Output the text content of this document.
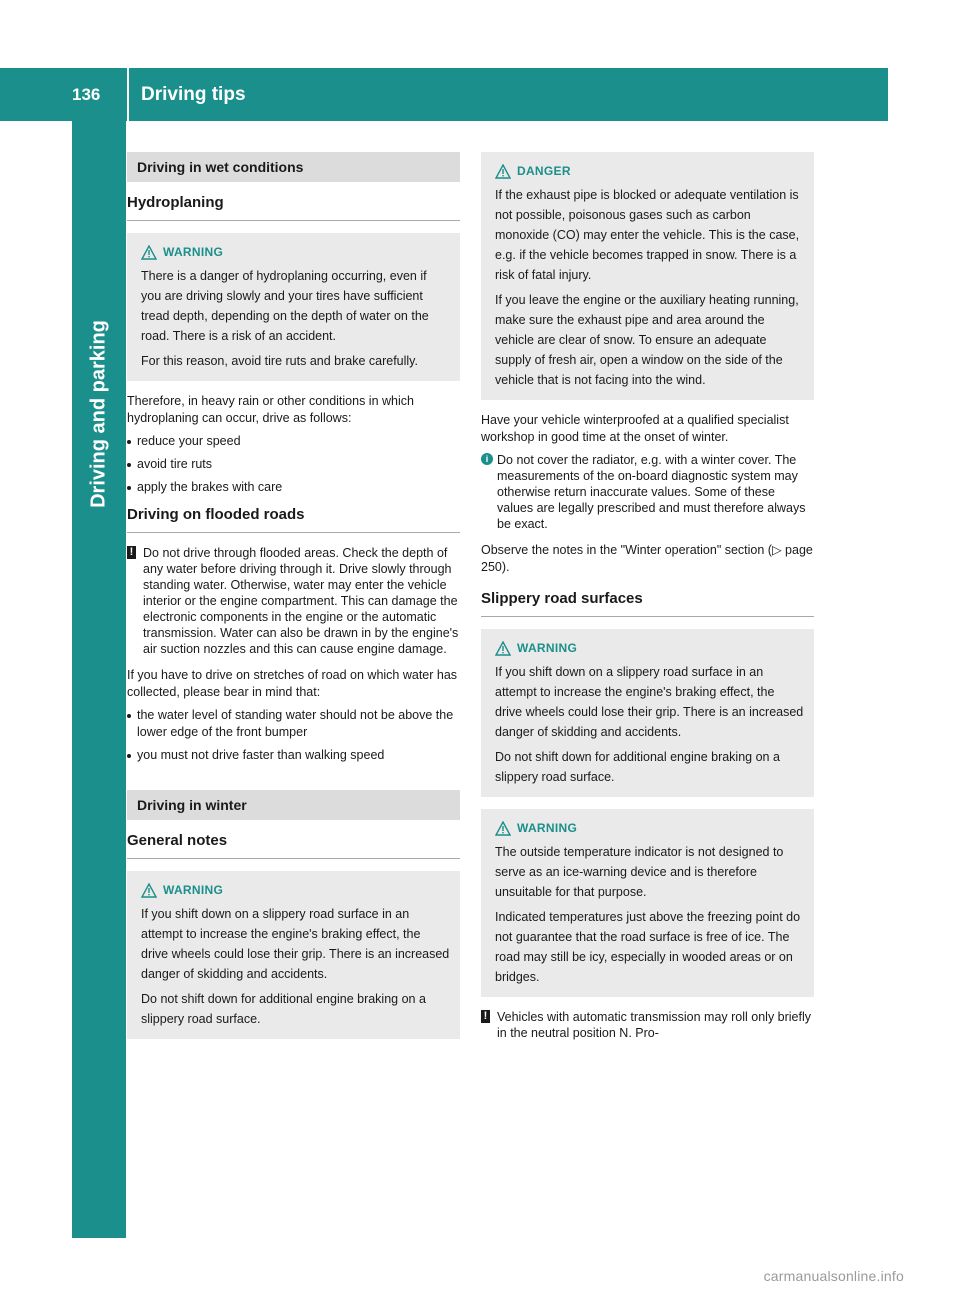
136	Driving tips
Driving and parking
Driving in wet conditions
Hydroplaning
WARNING

There is a danger of hydroplaning occurring, even if you are driving slowly and your tires have sufficient tread depth, depending on the depth of water on the road. There is a risk of an accident.

For this reason, avoid tire ruts and brake carefully.

Therefore, in heavy rain or other conditions in which hydroplaning can occur, drive as follows:

reduce your speed
avoid tire ruts
apply the brakes with care
Driving on flooded roads
! Do not drive through flooded areas. Check the depth of any water before driving through it. Drive slowly through standing water. Otherwise, water may enter the vehicle interior or the engine compartment. This can damage the electronic components in the engine or the automatic transmission. Water can also be drawn in by the engine's air suction nozzles and this can cause engine damage.

If you have to drive on stretches of road on which water has collected, please bear in mind that:

the water level of standing water should not be above the lower edge of the front bumper
you must not drive faster than walking speed
Driving in winter
General notes
WARNING

If you shift down on a slippery road surface in an attempt to increase the engine's braking effect, the drive wheels could lose their grip. There is an increased danger of skidding and accidents.

Do not shift down for additional engine braking on a slippery road surface.

DANGER

If the exhaust pipe is blocked or adequate ventilation is not possible, poisonous gases such as carbon monoxide (CO) may enter the vehicle. This is the case, e.g. if the vehicle becomes trapped in snow. There is a risk of fatal injury.

If you leave the engine or the auxiliary heating running, make sure the exhaust pipe and area around the vehicle are clear of snow. To ensure an adequate supply of fresh air, open a window on the side of the vehicle that is not facing into the wind.

Have your vehicle winterproofed at a qualified specialist workshop in good time at the onset of winter.

i Do not cover the radiator, e.g. with a winter cover. The measurements of the on-board diagnostic system may otherwise return inaccurate values. Some of these values are legally prescribed and must therefore always be exact.

Observe the notes in the "Winter operation" section (▷ page 250).

Slippery road surfaces
WARNING

If you shift down on a slippery road surface in an attempt to increase the engine's braking effect, the drive wheels could lose their grip. There is an increased danger of skidding and accidents.

Do not shift down for additional engine braking on a slippery road surface.

WARNING

The outside temperature indicator is not designed to serve as an ice-warning device and is therefore unsuitable for that purpose.

Indicated temperatures just above the freezing point do not guarantee that the road surface is free of ice. The road may still be icy, especially in wooded areas or on bridges.

! Vehicles with automatic transmission may roll only briefly in the neutral position N. Pro-
carmanualsonline.info
